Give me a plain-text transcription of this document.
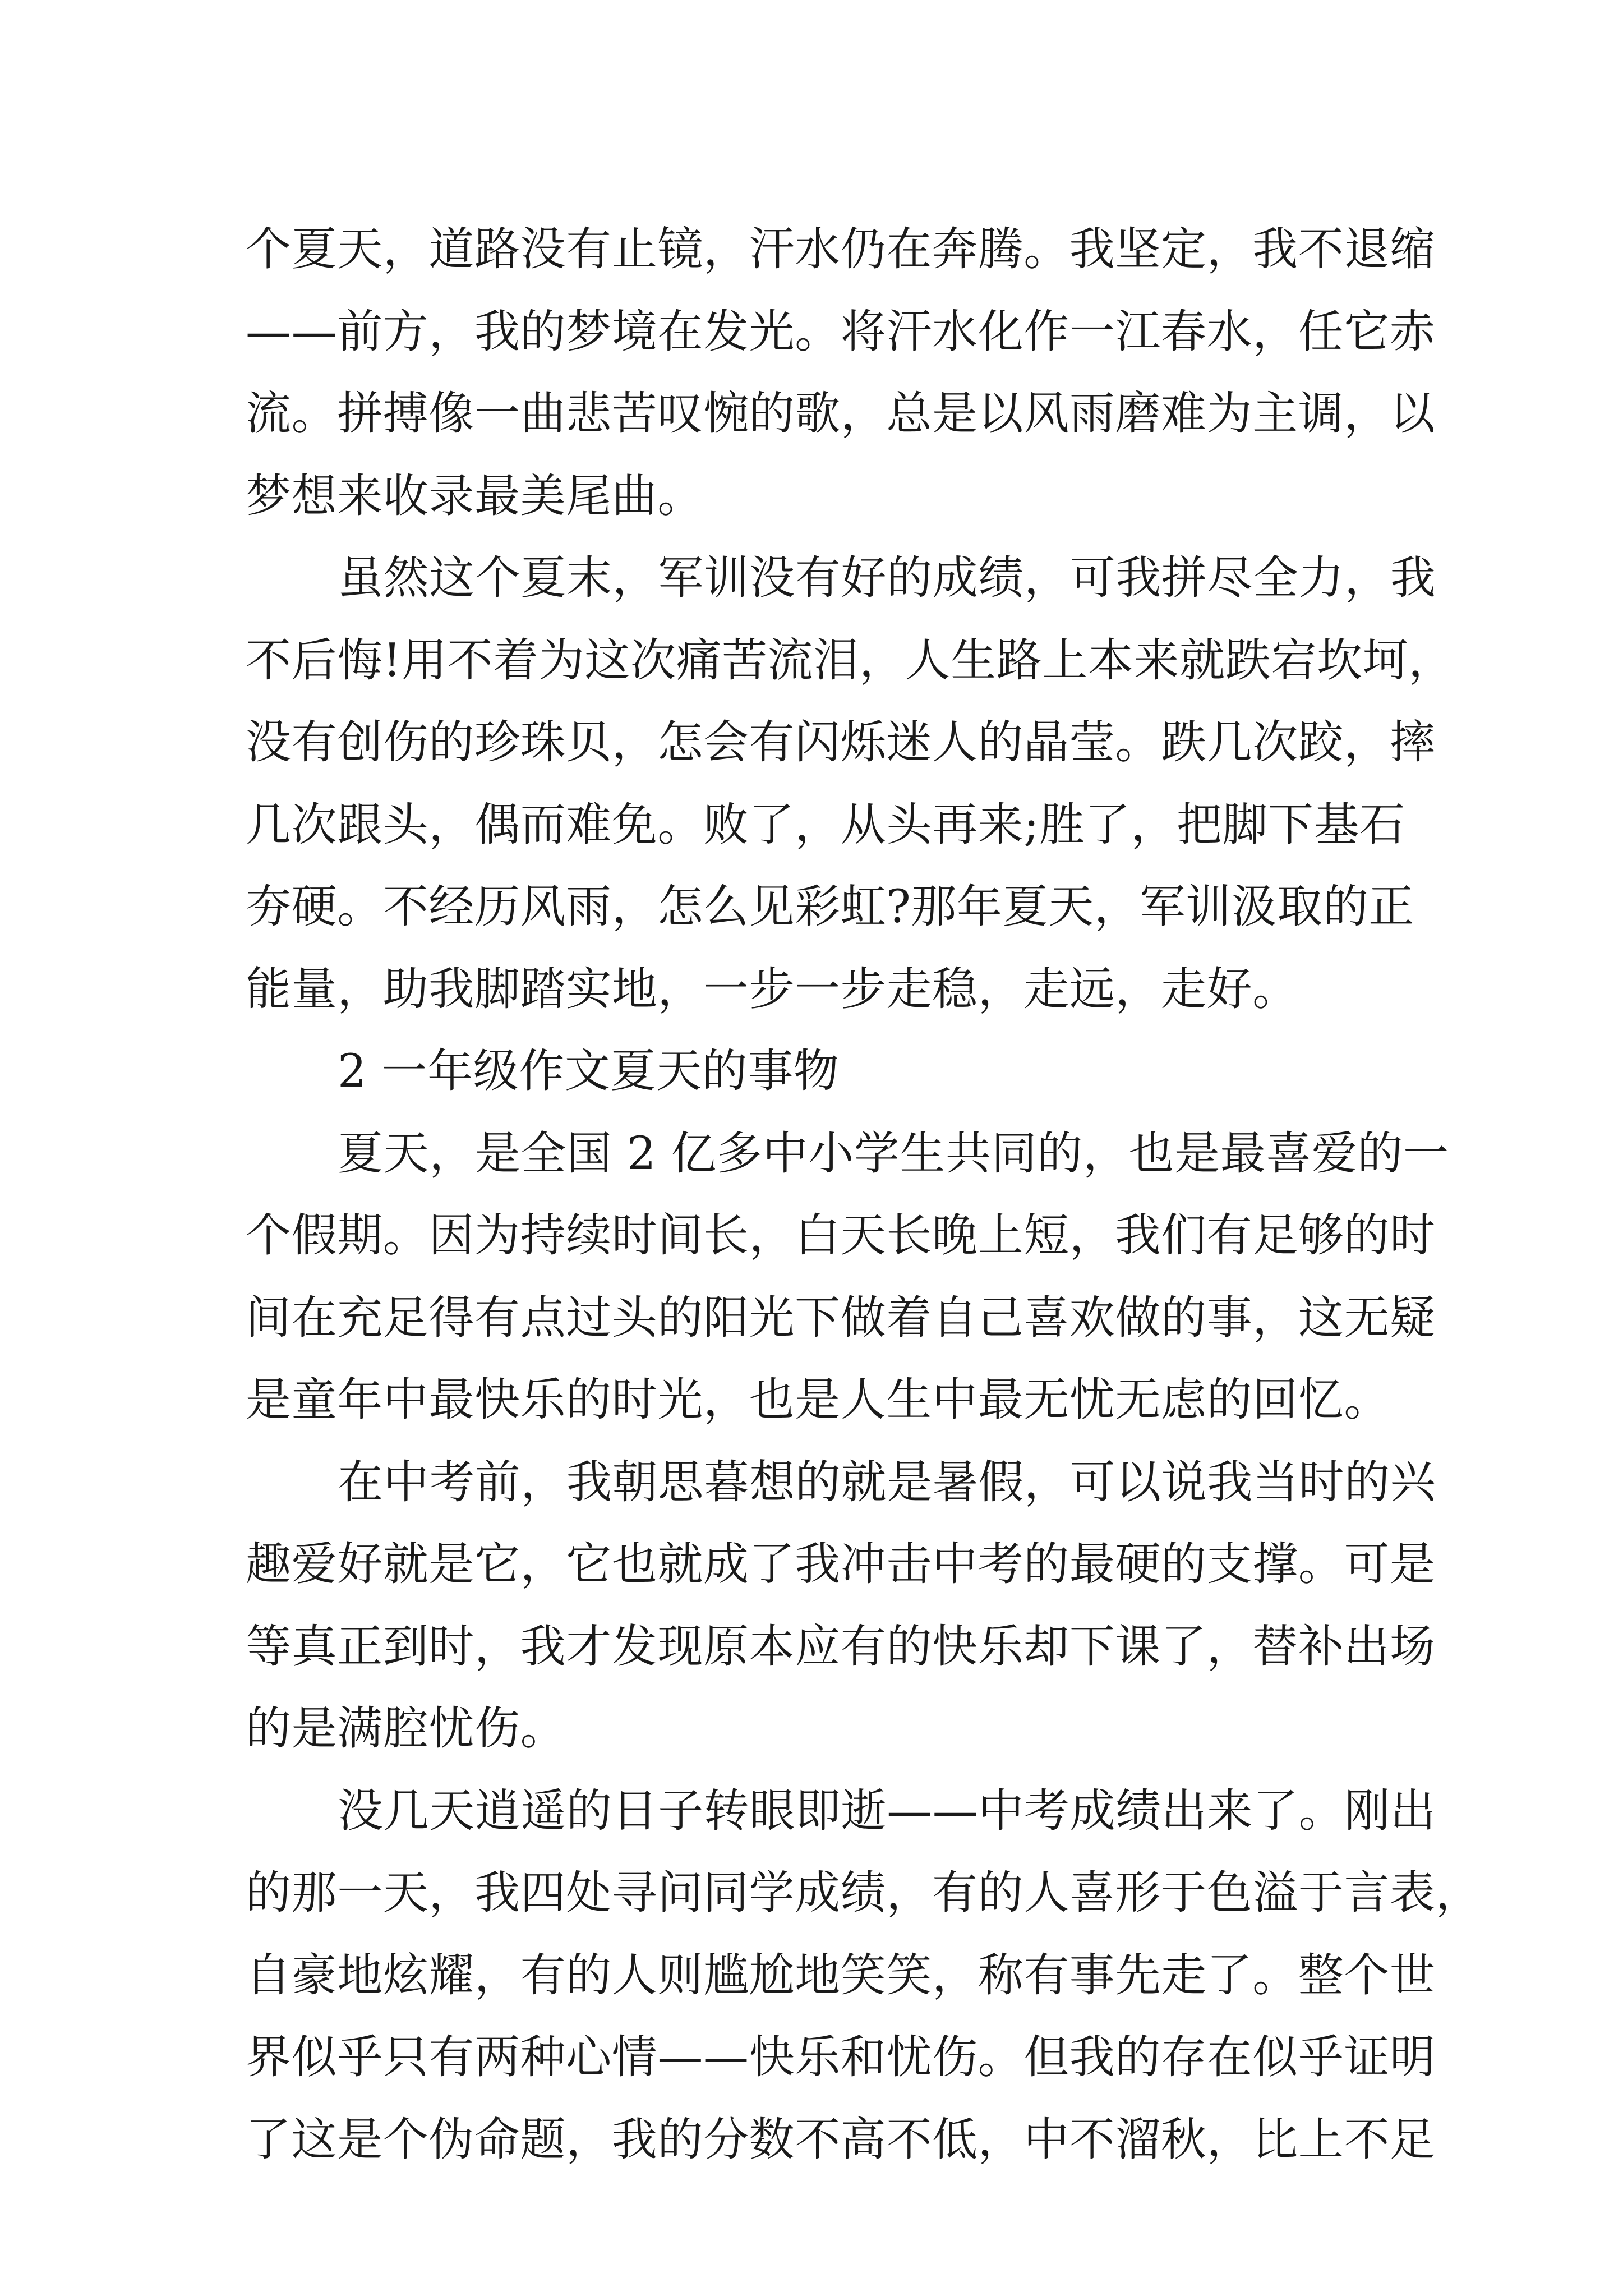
个夏天，道路没有止镜，汗水仍在奔腾。我坚定，我不退缩
——前方，我的梦境在发光。将汗水化作一江春水，任它赤
流。拼搏像一曲悲苦叹惋的歌，总是以风雨磨难为主调，以
梦想来收录最美尾曲。
虽然这个夏末，军训没有好的成绩，可我拼尽全力，我
不后悔!用不着为这次痛苦流泪，人生路上本来就跌宕坎坷，
没有创伤的珍珠贝，怎会有闪烁迷人的晶莹。跌几次跤，摔
几次跟头，偶而难免。败了，从头再来;胜了，把脚下基石
夯硬。不经历风雨，怎么见彩虹?那年夏天，军训汲取的正
能量，助我脚踏实地，一步一步走稳，走远，走好。
2 一年级作文夏天的事物
夏天，是全国 2 亿多中小学生共同的，也是最喜爱的一
个假期。因为持续时间长，白天长晚上短，我们有足够的时
间在充足得有点过头的阳光下做着自己喜欢做的事，这无疑
是童年中最快乐的时光，也是人生中最无忧无虑的回忆。
在中考前，我朝思暮想的就是暑假，可以说我当时的兴
趣爱好就是它，它也就成了我冲击中考的最硬的支撑。可是
等真正到时，我才发现原本应有的快乐却下课了，替补出场
的是满腔忧伤。
没几天逍遥的日子转眼即逝——中考成绩出来了。刚出
的那一天，我四处寻问同学成绩，有的人喜形于色溢于言表，
自豪地炫耀，有的人则尴尬地笑笑，称有事先走了。整个世
界似乎只有两种心情——快乐和忧伤。但我的存在似乎证明
了这是个伪命题，我的分数不高不低，中不溜秋，比上不足
